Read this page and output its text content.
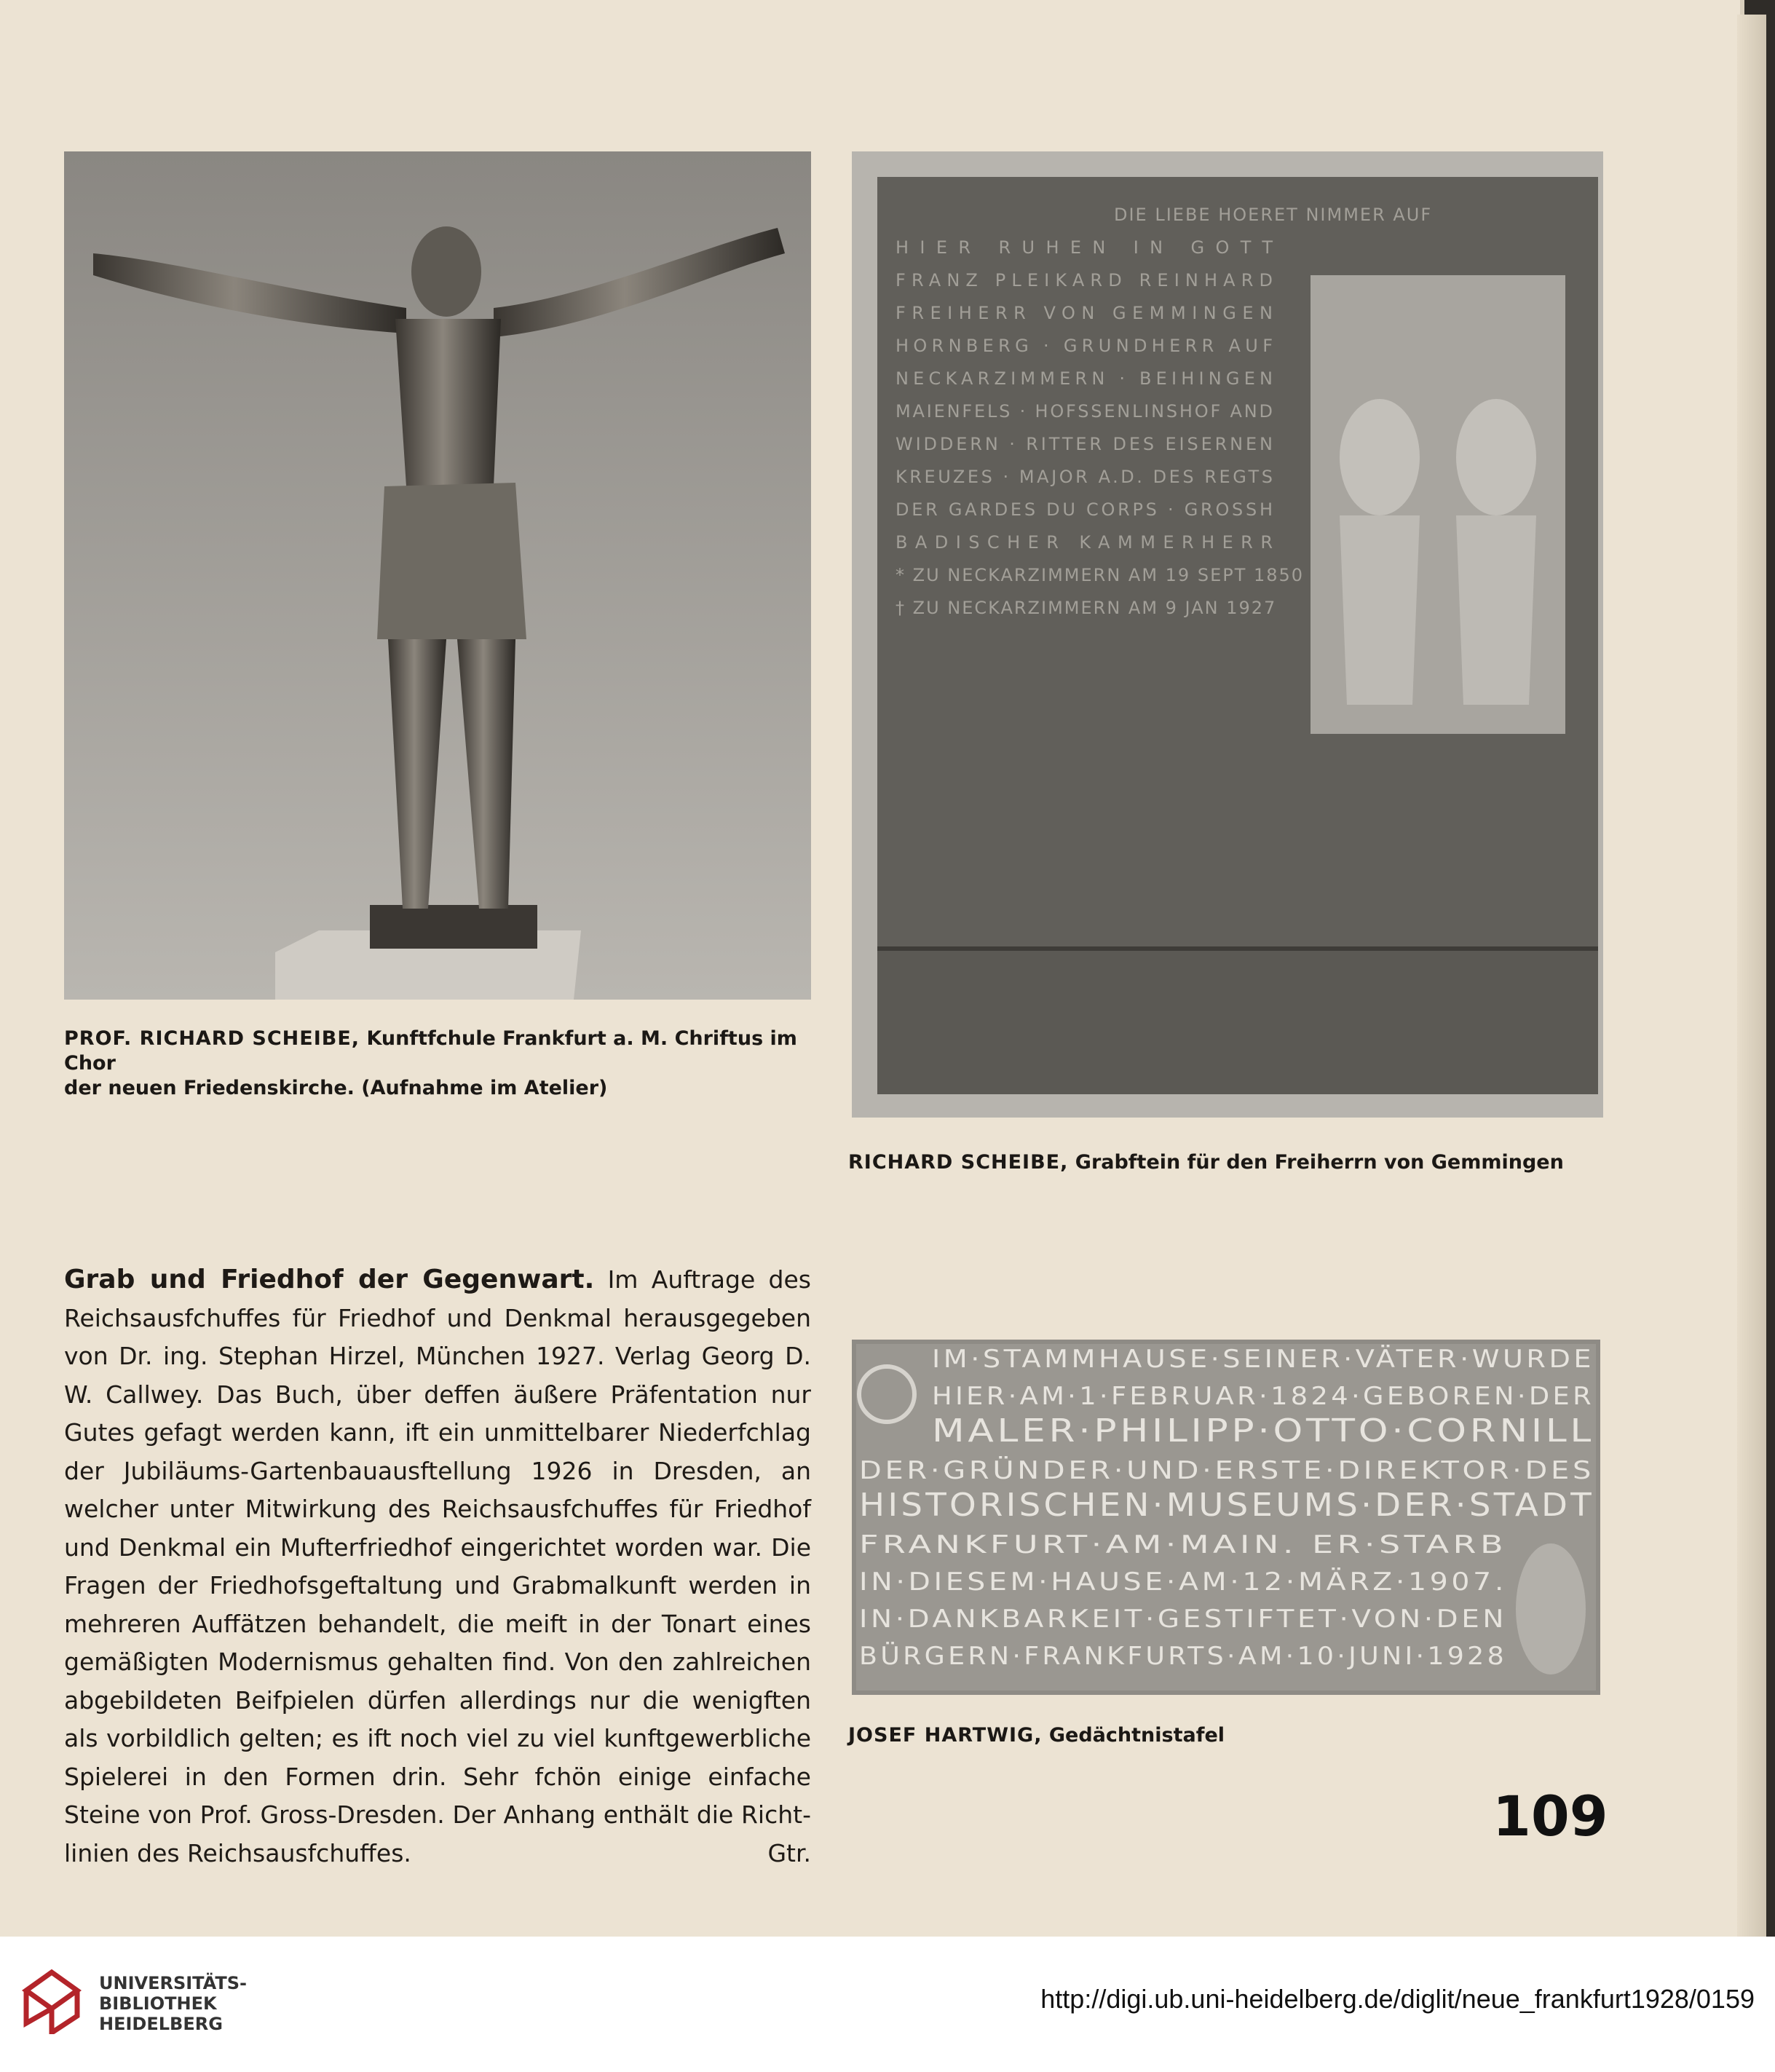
PROF. RICHARD SCHEIBE, Kunftfchule Frankfurt a. M. Chriftus im Chor
der neuen Friedenskirche. (Aufnahme im Atelier)
DIE LIEBE HOERET NIMMER AUF
HIER RUHEN IN GOTT
FRANZ PLEIKARD REINHARD
FREIHERR VON GEMMINGEN
HORNBERG · GRUNDHERR AUF
NECKARZIMMERN · BEIHINGEN
MAIENFELS · HOFSSENLINSHOF AND
WIDDERN · RITTER DES EISERNEN
KREUZES · MAJOR A.D. DES REGTS
DER GARDES DU CORPS · GROSSH
BADISCHER KAMMERHERR
* ZU NECKARZIMMERN AM 19 SEPT 1850
† ZU NECKARZIMMERN AM 9 JAN 1927
RICHARD SCHEIBE, Grabftein für den Freiherrn von Gemmingen
Grab und Friedhof der Gegenwart. Im Auftrage des Reichsausfchuffes für Friedhof und Denkmal herausgegeben von Dr. ing. Stephan Hirzel, München 1927. Verlag Georg D. W. Callwey. Das Buch, über deffen äußere Präfentation nur Gutes gefagt werden kann, ift ein unmittelbarer Niederfchlag der Jubiläums-Gartenbauausftellung 1926 in Dresden, an welcher unter Mitwirkung des Reichsausfchuffes für Friedhof und Denkmal ein Mufterfriedhof eingerichtet worden war. Die Fragen der Friedhofsgeftaltung und Grabmalkunft werden in mehreren Auffätzen behandelt, die meift in der Tonart eines gemäßigten Modernismus gehalten find. Von den zahlreichen abgebildeten Beifpielen dürfen allerdings nur die wenigften als vorbildlich gelten; es ift noch viel zu viel kunftgewerbliche Spielerei in den Formen drin. Sehr fchön einige einfache Steine von Prof. Gross-Dresden. Der Anhang enthält die Richtlinien des Reichsausfchuffes.	Gtr.
IM·STAMMHAUSE·SEINER·VÄTER·WURDE
HIER·AM·1·FEBRUAR·1824·GEBOREN·DER
MALER·PHILIPP·OTTO·CORNILL
DER·GRÜNDER·UND·ERSTE·DIREKTOR·DES
HISTORISCHEN·MUSEUMS·DER·STADT
FRANKFURT·AM·MAIN. ER·STARB
IN·DIESEM·HAUSE·AM·12·MÄRZ·1907.
IN·DANKBARKEIT·GESTIFTET·VON·DEN
BÜRGERN·FRANKFURTS·AM·10·JUNI·1928
JOSEF HARTWIG, Gedächtnistafel
109
UNIVERSITÄTS-
BIBLIOTHEK
HEIDELBERG
http://digi.ub.uni-heidelberg.de/diglit/neue_frankfurt1928/0159
